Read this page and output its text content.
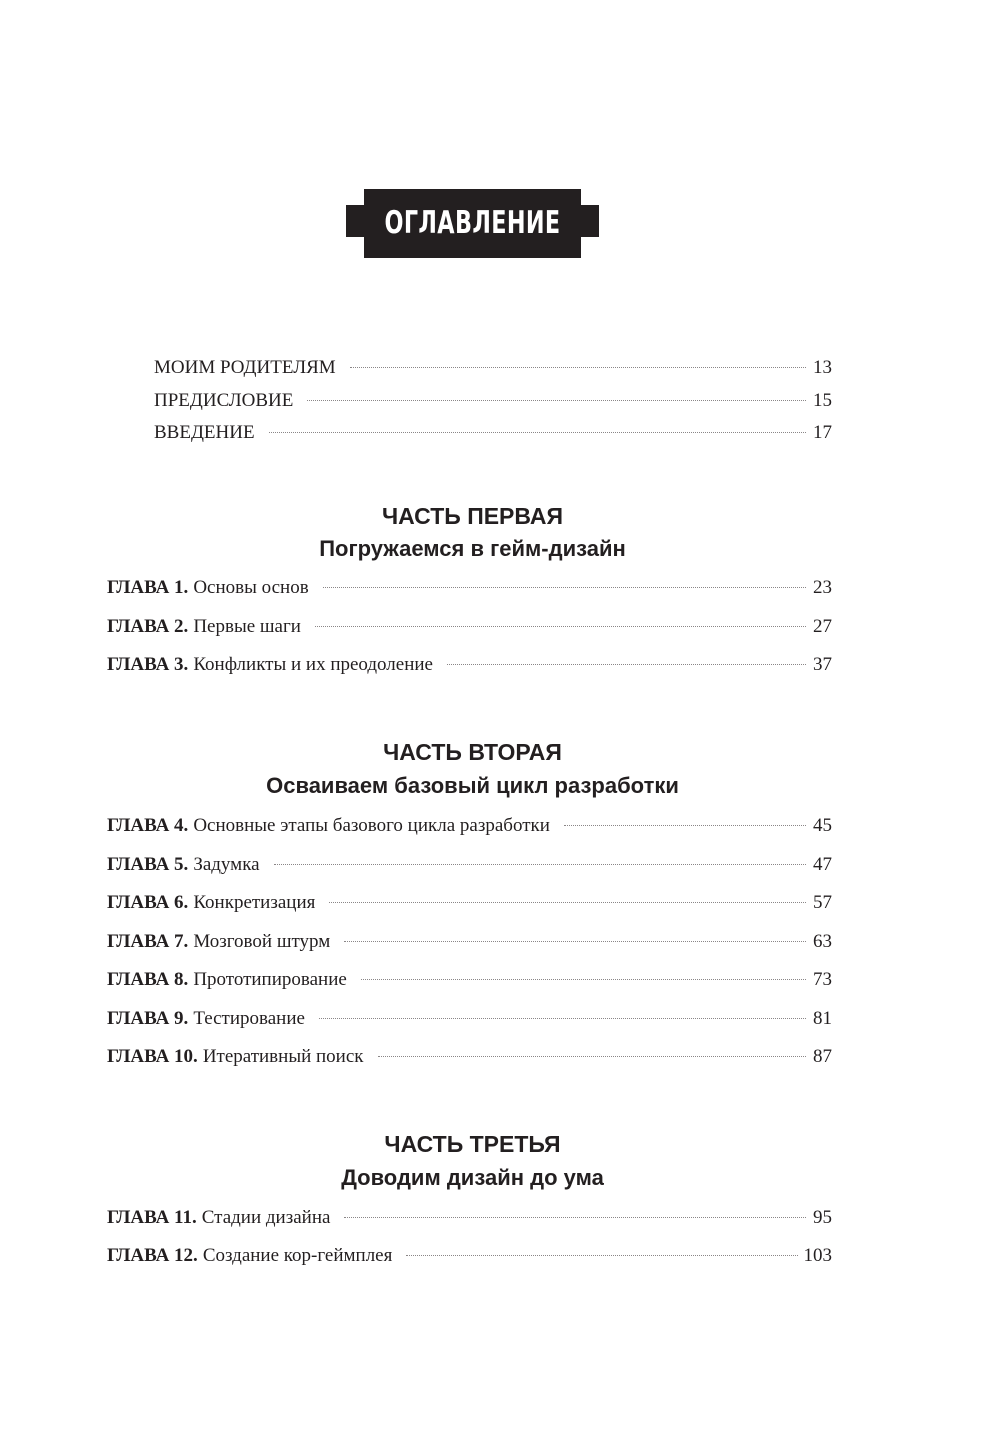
ОГЛАВЛЕНИЕ
МОИМ РОДИТЕЛЯМ	13
ПРЕДИСЛОВИЕ	15
ВВЕДЕНИЕ	17
ЧАСТЬ ПЕРВАЯ
Погружаемся в гейм-дизайн
ГЛАВА 1. Основы основ	23
ГЛАВА 2. Первые шаги	27
ГЛАВА 3. Конфликты и их преодоление	37
ЧАСТЬ ВТОРАЯ
Осваиваем базовый цикл разработки
ГЛАВА 4. Основные этапы базового цикла разработки	45
ГЛАВА 5. Задумка	47
ГЛАВА 6. Конкретизация	57
ГЛАВА 7. Мозговой штурм	63
ГЛАВА 8. Прототипирование	73
ГЛАВА 9. Тестирование	81
ГЛАВА 10. Итеративный поиск	87
ЧАСТЬ ТРЕТЬЯ
Доводим дизайн до ума
ГЛАВА 11. Стадии дизайна	95
ГЛАВА 12. Создание кор-геймплея	103
